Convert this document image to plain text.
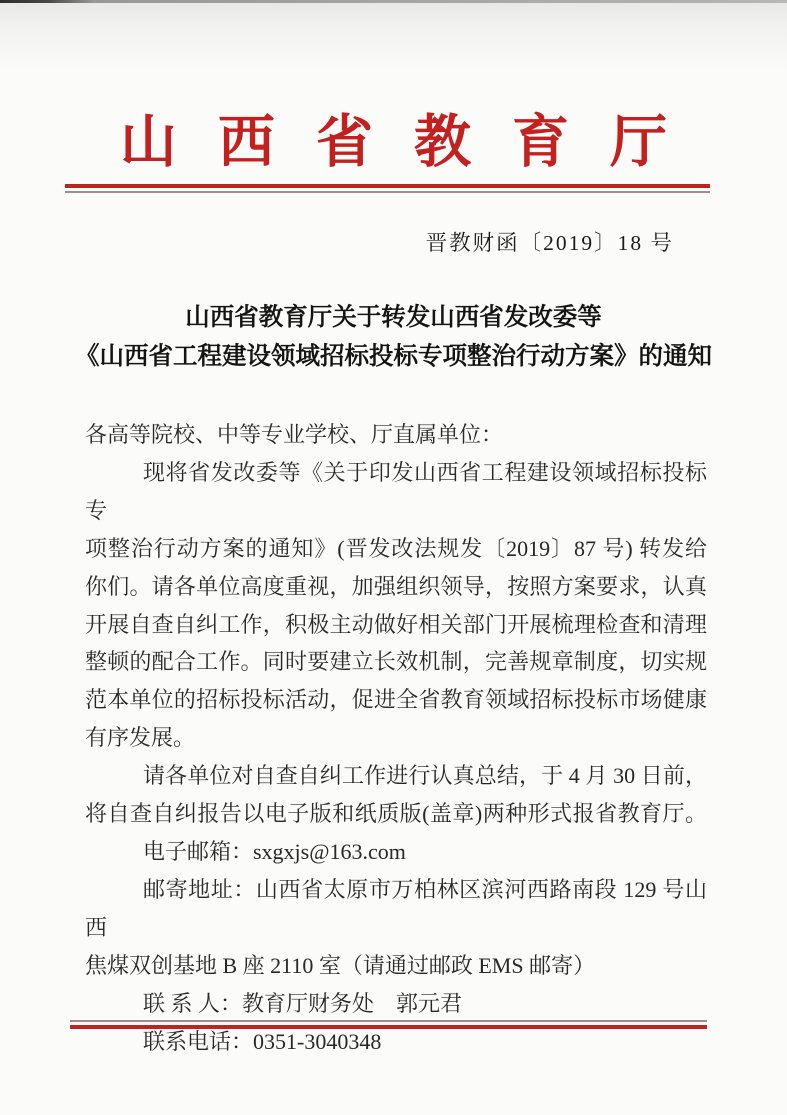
山西省教育厅
晋教财函〔2019〕18 号
山西省教育厅关于转发山西省发改委等
《山西省工程建设领域招标投标专项整治行动方案》的通知
各高等院校、中等专业学校、厅直属单位：
现将省发改委等《关于印发山西省工程建设领域招标投标专
项整治行动方案的通知》(晋发改法规发〔2019〕87 号) 转发给
你们。请各单位高度重视，加强组织领导，按照方案要求，认真
开展自查自纠工作，积极主动做好相关部门开展梳理检查和清理
整顿的配合工作。同时要建立长效机制，完善规章制度，切实规
范本单位的招标投标活动，促进全省教育领域招标投标市场健康
有序发展。
请各单位对自查自纠工作进行认真总结，于 4 月 30 日前，
将自查自纠报告以电子版和纸质版(盖章)两种形式报省教育厅。
电子邮箱：sxgxjs@163.com
邮寄地址：山西省太原市万柏林区滨河西路南段 129 号山西
焦煤双创基地 B 座 2110 室（请通过邮政 EMS 邮寄）
联 系 人：教育厅财务处　郭元君
联系电话：0351-3040348
